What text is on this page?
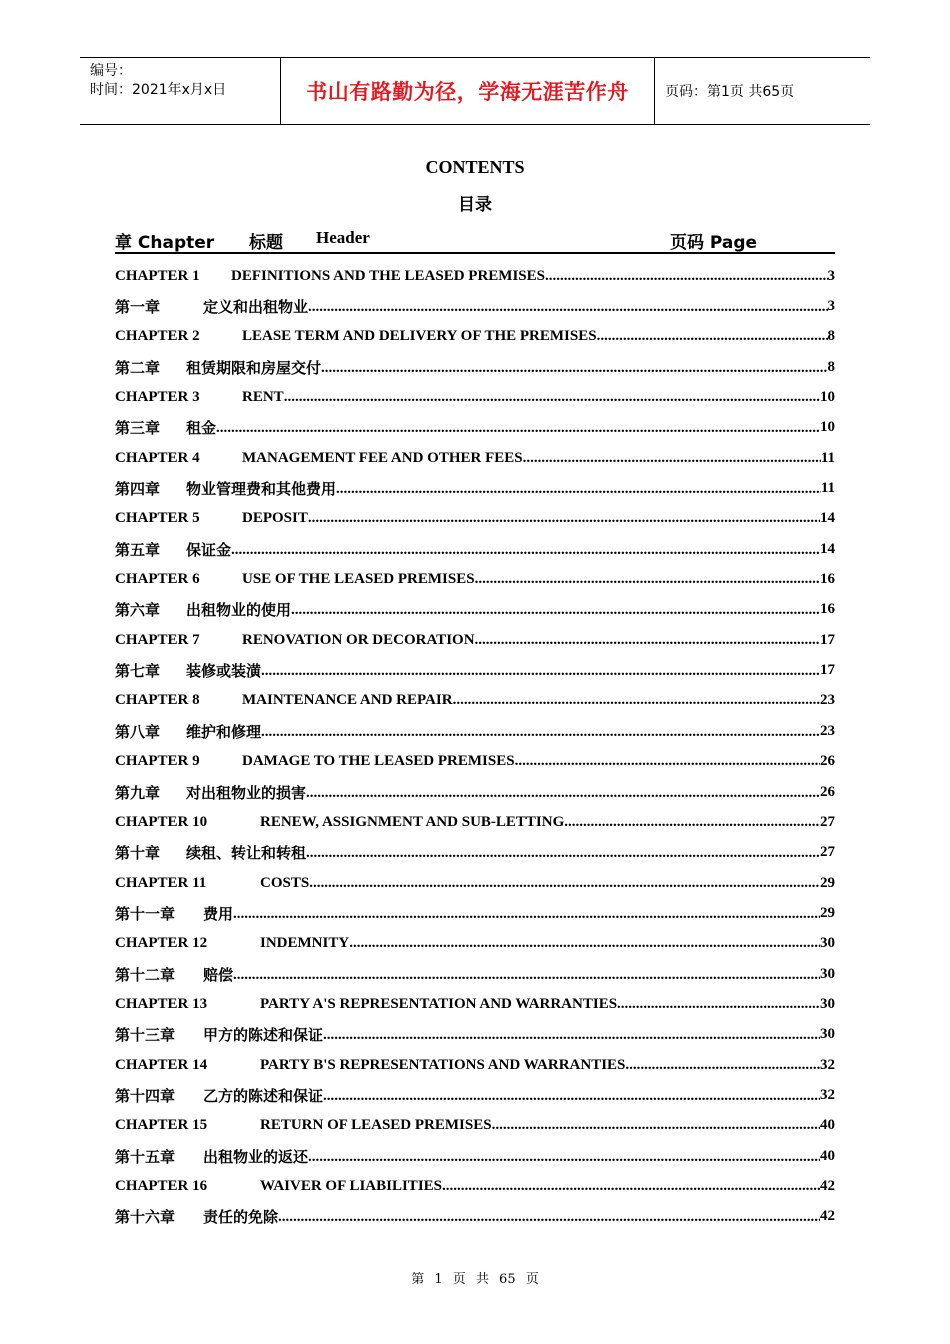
编号：
时间：2021年x月x日	书山有路勤为径，学海无涯苦作舟	页码：第1页 共65页
CONTENTS
目录
章 Chapter 标题 Header	页码 Page
CHAPTER 1	DEFINITIONS AND THE LEASED PREMISES .....	3
第一章	定义和出租物业 .....	3
CHAPTER 2	LEASE TERM AND DELIVERY OF THE PREMISES .....	8
第二章	租赁期限和房屋交付 .....	8
CHAPTER 3	RENT .....	10
第三章	租金 .....	10
CHAPTER 4	MANAGEMENT FEE AND OTHER FEES .....	11
第四章	物业管理费和其他费用 .....	11
CHAPTER 5	DEPOSIT .....	14
第五章	保证金 .....	14
CHAPTER 6	USE OF THE LEASED PREMISES .....	16
第六章	出租物业的使用 .....	16
CHAPTER 7	RENOVATION OR DECORATION .....	17
第七章	装修或装潢 .....	17
CHAPTER 8	MAINTENANCE AND REPAIR .....	23
第八章	维护和修理 .....	23
CHAPTER 9	DAMAGE TO THE LEASED PREMISES .....	26
第九章	对出租物业的损害 .....	26
CHAPTER 10	RENEW, ASSIGNMENT AND SUB-LETTING .....	27
第十章	续租、转让和转租 .....	27
CHAPTER 11	COSTS .....	29
第十一章	费用 .....	29
CHAPTER 12	INDEMNITY .....	30
第十二章	赔偿 .....	30
CHAPTER 13	PARTY A'S REPRESENTATION AND WARRANTIES .....	30
第十三章	甲方的陈述和保证 .....	30
CHAPTER 14	PARTY B'S REPRESENTATIONS AND WARRANTIES .....	32
第十四章	乙方的陈述和保证 .....	32
CHAPTER 15	RETURN OF LEASED PREMISES .....	40
第十五章	出租物业的返还 .....	40
CHAPTER 16	WAIVER OF LIABILITIES .....	42
第十六章	责任的免除 .....	42
第 1 页 共 65 页
